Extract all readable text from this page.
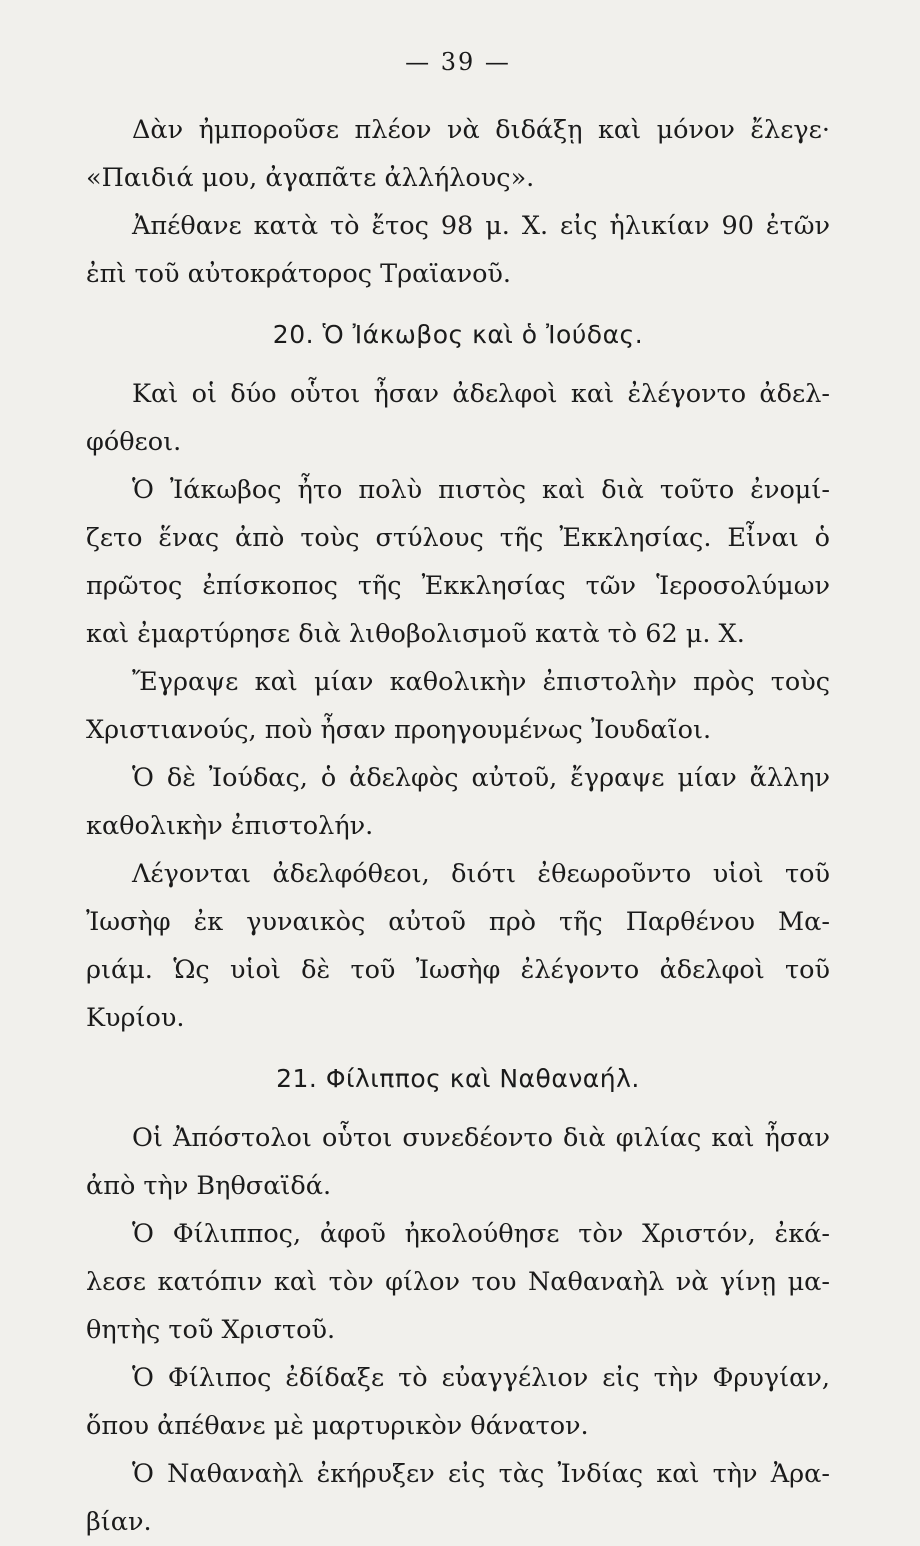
— 39 —
Δὰν ἠμποροῦσε πλέον νὰ διδάξῃ καὶ μόνον ἔλεγε·
«Παιδιά μου, ἀγαπᾶτε ἀλλήλους».
Ἀπέθανε κατὰ τὸ ἔτος 98 μ. Χ. εἰς ἡλικίαν 90 ἐτῶν
ἐπὶ τοῦ αὐτοκράτορος Τραϊανοῦ.
20. Ὁ Ἰάκωβος καὶ ὁ Ἰούδας.
Καὶ οἱ δύο οὗτοι ἦσαν ἀδελφοὶ καὶ ἐλέγοντο ἀδελ-
φόθεοι.
Ὁ Ἰάκωβος ἦτο πολὺ πιστὸς καὶ διὰ τοῦτο ἐνομί-
ζετο ἕνας ἀπὸ τοὺς στύλους τῆς Ἐκκλησίας. Εἶναι ὁ
πρῶτος ἐπίσκοπος τῆς Ἐκκλησίας τῶν Ἱεροσολύμων
καὶ ἐμαρτύρησε διὰ λιθοβολισμοῦ κατὰ τὸ 62 μ. Χ.
Ἔγραψε καὶ μίαν καθολικὴν ἐπιστολὴν πρὸς τοὺς
Χριστιανούς, ποὺ ἦσαν προηγουμένως Ἰουδαῖοι.
Ὁ δὲ Ἰούδας, ὁ ἀδελφὸς αὐτοῦ, ἔγραψε μίαν ἄλλην
καθολικὴν ἐπιστολήν.
Λέγονται ἀδελφόθεοι, διότι ἐθεωροῦντο υἱοὶ τοῦ
Ἰωσὴφ ἐκ γυναικὸς αὐτοῦ πρὸ τῆς Παρθένου Μα-
ριάμ. Ὡς υἱοὶ δὲ τοῦ Ἰωσὴφ ἐλέγοντο ἀδελφοὶ τοῦ
Κυρίου.
21. Φίλιππος καὶ Ναθαναήλ.
Οἱ Ἀπόστολοι οὗτοι συνεδέοντο διὰ φιλίας καὶ ἦσαν
ἀπὸ τὴν Βηθσαϊδά.
Ὁ Φίλιππος, ἀφοῦ ἠκολούθησε τὸν Χριστόν, ἐκά-
λεσε κατόπιν καὶ τὸν φίλον του Ναθαναὴλ νὰ γίνῃ μα-
θητὴς τοῦ Χριστοῦ.
Ὁ Φίλιπος ἐδίδαξε τὸ εὐαγγέλιον εἰς τὴν Φρυγίαν,
ὅπου ἀπέθανε μὲ μαρτυρικὸν θάνατον.
Ὁ Ναθαναὴλ ἐκήρυξεν εἰς τὰς Ἰνδίας καὶ τὴν Ἀρα-
βίαν.
